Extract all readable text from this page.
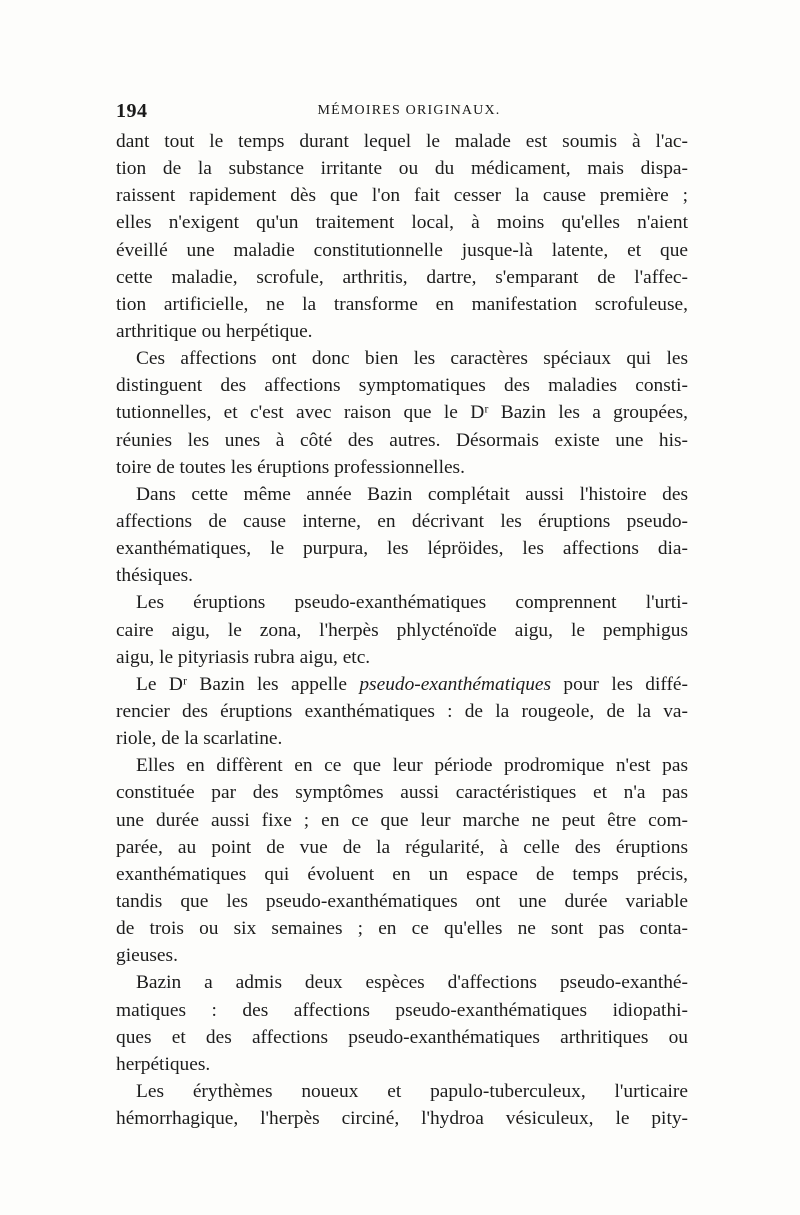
194	MÉMOIRES ORIGINAUX.
dant tout le temps durant lequel le malade est soumis à l'ac-
tion de la substance irritante ou du médicament, mais dispa-
raissent rapidement dès que l'on fait cesser la cause première ;
elles n'exigent qu'un traitement local, à moins qu'elles n'aient
éveillé une maladie constitutionnelle jusque-là latente, et que
cette maladie, scrofule, arthritis, dartre, s'emparant de l'affec-
tion artificielle, ne la transforme en manifestation scrofuleuse,
arthritique ou herpétique.
Ces affections ont donc bien les caractères spéciaux qui les
distinguent des affections symptomatiques des maladies consti-
tutionnelles, et c'est avec raison que le Dʳ Bazin les a groupées,
réunies les unes à côté des autres. Désormais existe une his-
toire de toutes les éruptions professionnelles.
Dans cette même année Bazin complétait aussi l'histoire des
affections de cause interne, en décrivant les éruptions pseudo-
exanthématiques, le purpura, les lépröides, les affections dia-
thésiques.
Les éruptions pseudo-exanthématiques comprennent l'urti-
caire aigu, le zona, l'herpès phlycténoïde aigu, le pemphigus
aigu, le pityriasis rubra aigu, etc.
Le Dʳ Bazin les appelle pseudo-exanthématiques pour les diffé-
rencier des éruptions exanthématiques : de la rougeole, de la va-
riole, de la scarlatine.
Elles en diffèrent en ce que leur période prodromique n'est pas
constituée par des symptômes aussi caractéristiques et n'a pas
une durée aussi fixe ; en ce que leur marche ne peut être com-
parée, au point de vue de la régularité, à celle des éruptions
exanthématiques qui évoluent en un espace de temps précis,
tandis que les pseudo-exanthématiques ont une durée variable
de trois ou six semaines ; en ce qu'elles ne sont pas conta-
gieuses.
Bazin a admis deux espèces d'affections pseudo-exanthé-
matiques : des affections pseudo-exanthématiques idiopathi-
ques et des affections pseudo-exanthématiques arthritiques ou
herpétiques.
Les érythèmes noueux et papulo-tuberculeux, l'urticaire
hémorrhagique, l'herpès circiné, l'hydroa vésiculeux, le pity-
